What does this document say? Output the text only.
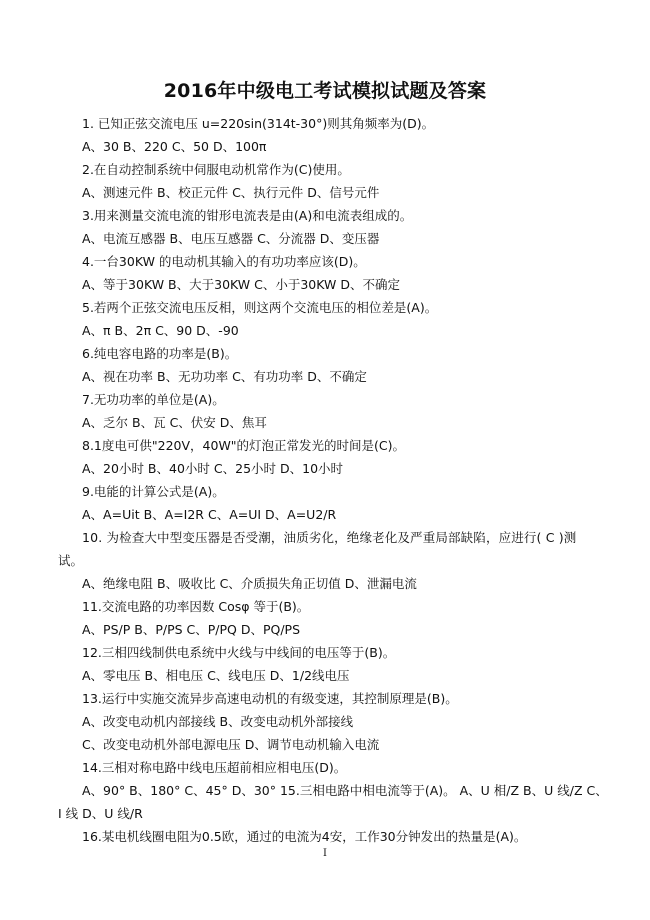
2016年中级电工考试模拟试题及答案
1. 已知正弦交流电压 u=220sin(314t-30°)则其角频率为(D)。
A、30 B、220 C、50 D、100π
2.在自动控制系统中伺服电动机常作为(C)使用。
A、测速元件 B、校正元件 C、执行元件 D、信号元件
3.用来测量交流电流的钳形电流表是由(A)和电流表组成的。
A、电流互感器 B、电压互感器 C、分流器 D、变压器
4.一台30KW 的电动机其输入的有功功率应该(D)。
A、等于30KW B、大于30KW C、小于30KW D、不确定
5.若两个正弦交流电压反相，则这两个交流电压的相位差是(A)。
A、π B、2π C、90 D、-90
6.纯电容电路的功率是(B)。
A、视在功率 B、无功功率 C、有功功率 D、不确定
7.无功功率的单位是(A)。
A、乏尔 B、瓦 C、伏安 D、焦耳
8.1度电可供"220V，40W"的灯泡正常发光的时间是(C)。
A、20小时 B、40小时 C、25小时 D、10小时
9.电能的计算公式是(A)。
A、A=Uit B、A=I2R C、A=UI D、A=U2/R
10. 为检查大中型变压器是否受潮，油质劣化，绝缘老化及严重局部缺陷，应进行( C )测
试。
A、绝缘电阻 B、吸收比 C、介质损失角正切值 D、泄漏电流
11.交流电路的功率因数 Cosφ 等于(B)。
A、PS/P B、P/PS C、P/PQ D、PQ/PS
12.三相四线制供电系统中火线与中线间的电压等于(B)。
A、零电压 B、相电压 C、线电压 D、1/2线电压
13.运行中实施交流异步高速电动机的有级变速，其控制原理是(B)。
A、改变电动机内部接线 B、改变电动机外部接线
C、改变电动机外部电源电压 D、调节电动机输入电流
14.三相对称电路中线电压超前相应相电压(D)。
A、90° B、180° C、45° D、30° 15.三相电路中相电流等于(A)。 A、U 相/Z B、U 线/Z C、
I 线 D、U 线/R
16.某电机线圈电阻为0.5欧，通过的电流为4安，工作30分钟发出的热量是(A)。
I
